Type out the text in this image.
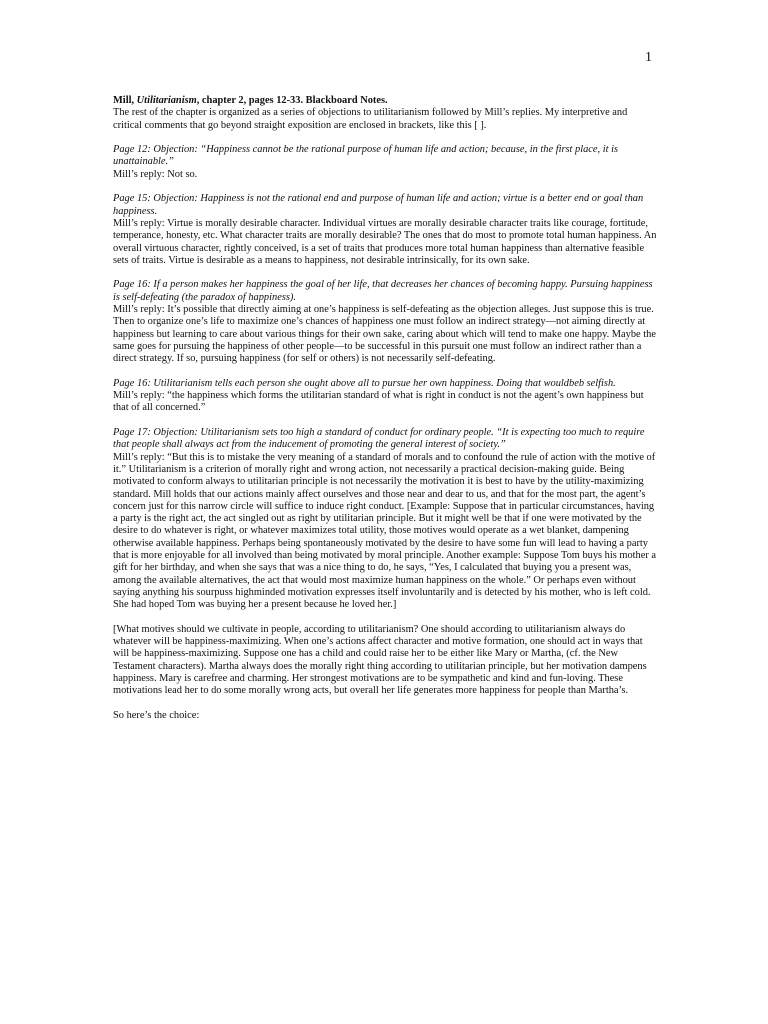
1

Mill, Utilitarianism, chapter 2, pages 12-33. Blackboard Notes.

The rest of the chapter is organized as a series of objections to utilitarianism followed by Mill’s replies. My interpretive and critical comments that go beyond straight exposition are enclosed in brackets, like this [ ].

Page 12: Objection: “Happiness cannot be the rational purpose of human life and action; because, in the first place, it is unattainable.”

Mill’s reply: Not so.

Page 15: Objection: Happiness is not the rational end and purpose of human life and action; virtue is a better end or goal than happiness.

Mill’s reply: Virtue is morally desirable character. Individual virtues are morally desirable character traits like courage, fortitude, temperance, honesty, etc. What character traits are morally desirable? The ones that do most to promote total human happiness. An overall virtuous character, rightly conceived, is a set of traits that produces more total human happiness than alternative feasible sets of traits. Virtue is desirable as a means to happiness, not desirable intrinsically, for its own sake.

Page 16: If a person makes her happiness the goal of her life, that decreases her chances of becoming happy. Pursuing happiness is self-defeating (the paradox of happiness).

Mill’s reply: It’s possible that directly aiming at one’s happiness is self-defeating as the objection alleges. Just suppose this is true. Then to organize one’s life to maximize one’s chances of happiness one must follow an indirect strategy—not aiming directly at happiness but learning to care about various things for their own sake, caring about which will tend to make one happy. Maybe the same goes for pursuing the happiness of other people—to be successful in this pursuit one must follow an indirect rather than a direct strategy. If so, pursuing happiness (for self or others) is not necessarily self-defeating.

Page 16: Utilitarianism tells each person she ought above all to pursue her own happiness. Doing that wouldbeb selfish.

Mill’s reply: “the happiness which forms the utilitarian standard of what is right in conduct is not the agent’s own happiness but that of all concerned.”

Page 17: Objection: Utilitarianism sets too high a standard of conduct for ordinary people. “It is expecting too much to require that people shall always act from the inducement of promoting the general interest of society.”

Mill’s reply: “But this is to mistake the very meaning of a standard of morals and to confound the rule of action with the motive of it.” Utilitarianism is a criterion of morally right and wrong action, not necessarily a practical decision-making guide. Being motivated to conform always to utilitarian principle is not necessarily the motivation it is best to have by the utility-maximizing standard. Mill holds that our actions mainly affect ourselves and those near and dear to us, and that for the most part, the agent’s concern just for this narrow circle will suffice to induce right conduct. [Example: Suppose that in particular circumstances, having a party is the right act, the act singled out as right by utilitarian principle. But it might well be that if one were motivated by the desire to do whatever is right, or whatever maximizes total utility, those motives would operate as a wet blanket, dampening otherwise available happiness. Perhaps being spontaneously motivated by the desire to have some fun will lead to having a party that is more enjoyable for all involved than being motivated by moral principle. Another example: Suppose Tom buys his mother a gift for her birthday, and when she says that was a nice thing to do, he says, “Yes, I calculated that buying you a present was, among the available alternatives, the act that would most maximize human happiness on the whole.” Or perhaps even without saying anything his sourpuss highminded motivation expresses itself involuntarily and is detected by his mother, who is left cold. She had hoped Tom was buying her a present because he loved her.]

[What motives should we cultivate in people, according to utilitarianism? One should according to utilitarianism always do whatever will be happiness-maximizing. When one’s actions affect character and motive formation, one should act in ways that will be happiness-maximizing. Suppose one has a child and could raise her to be either like Mary or Martha, (cf. the New Testament characters). Martha always does the morally right thing according to utilitarian principle, but her motivation dampens happiness. Mary is carefree and charming. Her strongest motivations are to be sympathetic and kind and fun-loving. These motivations lead her to do some morally wrong acts, but overall her life generates more happiness for people than Martha’s.

So here’s the choice:
